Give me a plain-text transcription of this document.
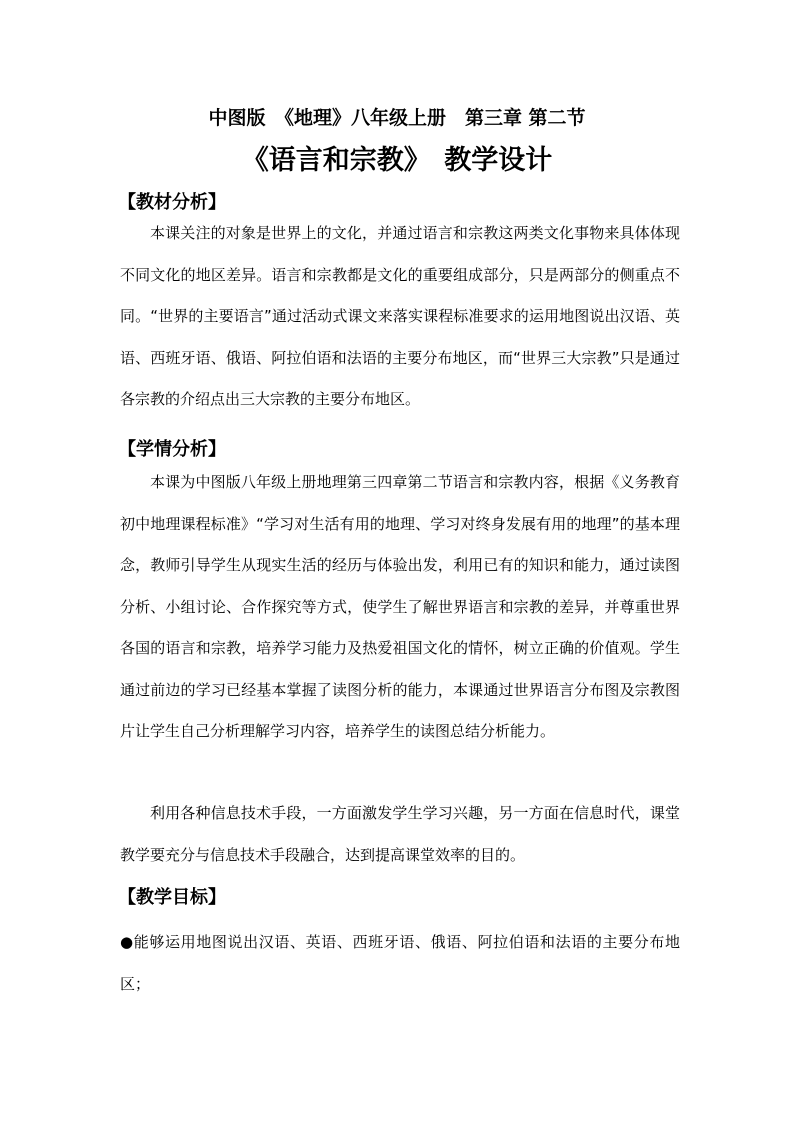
中图版　《地理》八年级上册　第三章 第二节
《语言和宗教》　教学设计
【教材分析】
本课关注的对象是世界上的文化，并通过语言和宗教这两类文化事物来具体体现不同文化的地区差异。语言和宗教都是文化的重要组成部分，只是两部分的侧重点不同。“世界的主要语言”通过活动式课文来落实课程标准要求的运用地图说出汉语、英语、西班牙语、俄语、阿拉伯语和法语的主要分布地区，而“世界三大宗教”只是通过各宗教的介绍点出三大宗教的主要分布地区。
【学情分析】
本课为中图版八年级上册地理第三四章第二节语言和宗教内容，根据《义务教育初中地理课程标准》“学习对生活有用的地理、学习对终身发展有用的地理”的基本理念，教师引导学生从现实生活的经历与体验出发，利用已有的知识和能力，通过读图分析、小组讨论、合作探究等方式，使学生了解世界语言和宗教的差异，并尊重世界各国的语言和宗教，培养学习能力及热爱祖国文化的情怀，树立正确的价值观。学生通过前边的学习已经基本掌握了读图分析的能力，本课通过世界语言分布图及宗教图片让学生自己分析理解学习内容，培养学生的读图总结分析能力。
利用各种信息技术手段，一方面激发学生学习兴趣，另一方面在信息时代，课堂教学要充分与信息技术手段融合，达到提高课堂效率的目的。
【教学目标】
●能够运用地图说出汉语、英语、西班牙语、俄语、阿拉伯语和法语的主要分布地区；
